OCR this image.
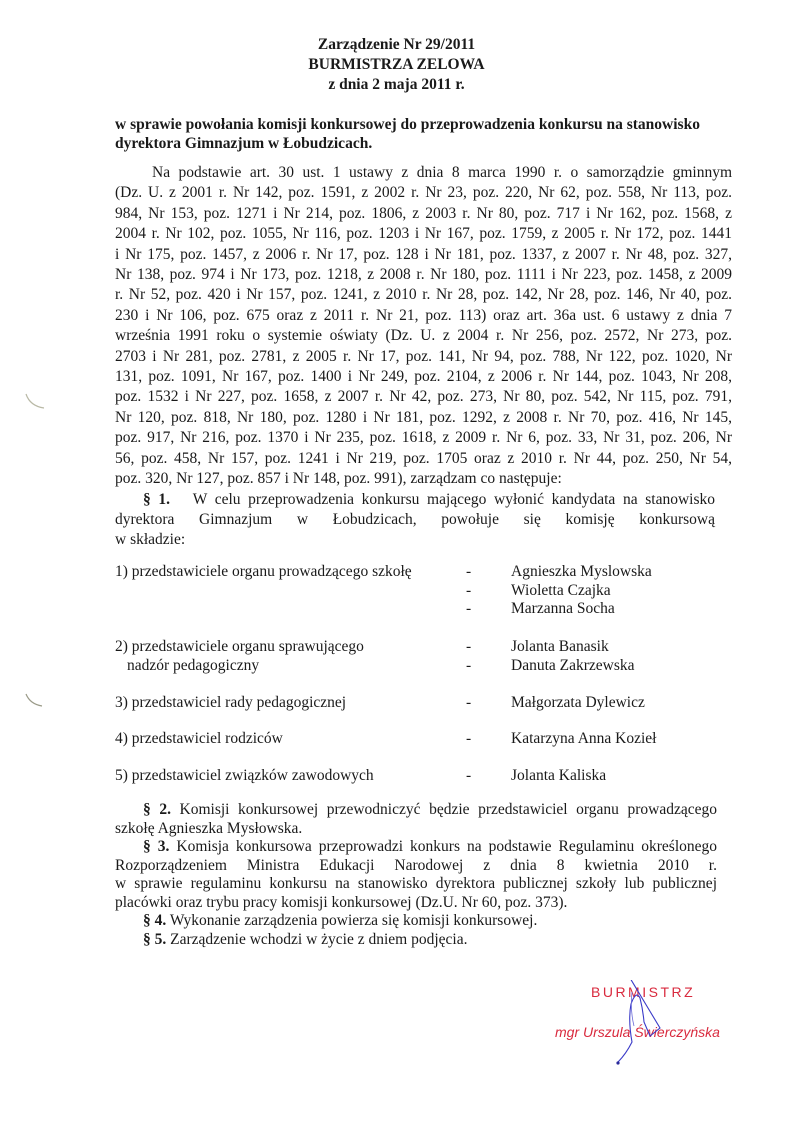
Zarządzenie Nr 29/2011
BURMISTRZA ZELOWA
z dnia 2 maja 2011 r.
w sprawie powołania komisji konkursowej do przeprowadzenia konkursu na stanowisko
dyrektora Gimnazjum w Łobudzicach.
Na podstawie art. 30 ust. 1 ustawy z dnia 8 marca 1990 r. o samorządzie gminnym
(Dz. U. z 2001 r. Nr 142, poz. 1591, z 2002 r. Nr 23, poz. 220, Nr 62, poz. 558, Nr 113, poz.
984, Nr 153, poz. 1271 i Nr 214, poz. 1806, z 2003 r. Nr 80, poz. 717 i Nr 162, poz. 1568, z
2004 r. Nr 102, poz. 1055, Nr 116, poz. 1203 i Nr 167, poz. 1759, z 2005 r. Nr 172, poz. 1441
i Nr 175, poz. 1457, z 2006 r. Nr 17, poz. 128 i Nr 181, poz. 1337, z 2007 r. Nr 48, poz. 327,
Nr 138, poz. 974 i Nr 173, poz. 1218, z 2008 r. Nr 180, poz. 1111 i Nr 223, poz. 1458, z 2009
r. Nr 52, poz. 420 i Nr 157, poz. 1241, z 2010 r. Nr 28, poz. 142, Nr 28, poz. 146, Nr 40, poz.
230 i Nr 106, poz. 675 oraz z 2011 r. Nr 21, poz. 113) oraz art. 36a ust. 6 ustawy z dnia 7
września 1991 roku o systemie oświaty (Dz. U. z 2004 r. Nr 256, poz. 2572, Nr 273, poz.
2703 i Nr 281, poz. 2781, z 2005 r. Nr 17, poz. 141, Nr 94, poz. 788, Nr 122, poz. 1020, Nr
131, poz. 1091, Nr 167, poz. 1400 i Nr 249, poz. 2104, z 2006 r. Nr 144, poz. 1043, Nr 208,
poz. 1532 i Nr 227, poz. 1658, z 2007 r. Nr 42, poz. 273, Nr 80, poz. 542, Nr 115, poz. 791,
Nr 120, poz. 818, Nr 180, poz. 1280 i Nr 181, poz. 1292, z 2008 r. Nr 70, poz. 416, Nr 145,
poz. 917, Nr 216, poz. 1370 i Nr 235, poz. 1618, z 2009 r. Nr 6, poz. 33, Nr 31, poz. 206, Nr
56, poz. 458, Nr 157, poz. 1241 i Nr 219, poz. 1705 oraz z 2010 r. Nr 44, poz. 250, Nr 54,
poz. 320, Nr 127, poz. 857 i Nr 148, poz. 991), zarządzam co następuje:
§ 1. W celu przeprowadzenia konkursu mającego wyłonić kandydata na stanowisko
dyrektora Gimnazjum w Łobudzicach, powołuje się komisję konkursową
w składzie:
1) przedstawiciele organu prowadzącego szkołę	-	Agnieszka Myslowska
-	Wioletta Czajka
-	Marzanna Socha
2) przedstawiciele organu sprawującego
nadzór pedagogiczny
-	Jolanta Banasik
-	Danuta Zakrzewska
3) przedstawiciel rady pedagogicznej	-	Małgorzata Dylewicz
4) przedstawiciel rodziców	-	Katarzyna Anna Kozieł
5) przedstawiciel związków zawodowych	-	Jolanta Kaliska
§ 2. Komisji konkursowej przewodniczyć będzie przedstawiciel organu prowadzącego
szkołę Agnieszka Mysłowska.
§ 3. Komisja konkursowa przeprowadzi konkurs na podstawie Regulaminu określonego
Rozporządzeniem Ministra Edukacji Narodowej z dnia 8 kwietnia 2010 r.
w sprawie regulaminu konkursu na stanowisko dyrektora publicznej szkoły lub publicznej
placówki oraz trybu pracy komisji konkursowej (Dz.U. Nr 60, poz. 373).
§ 4. Wykonanie zarządzenia powierza się komisji konkursowej.
§ 5. Zarządzenie wchodzi w życie z dniem podjęcia.
BURMISTRZ
mgr Urszula Świerczyńska
